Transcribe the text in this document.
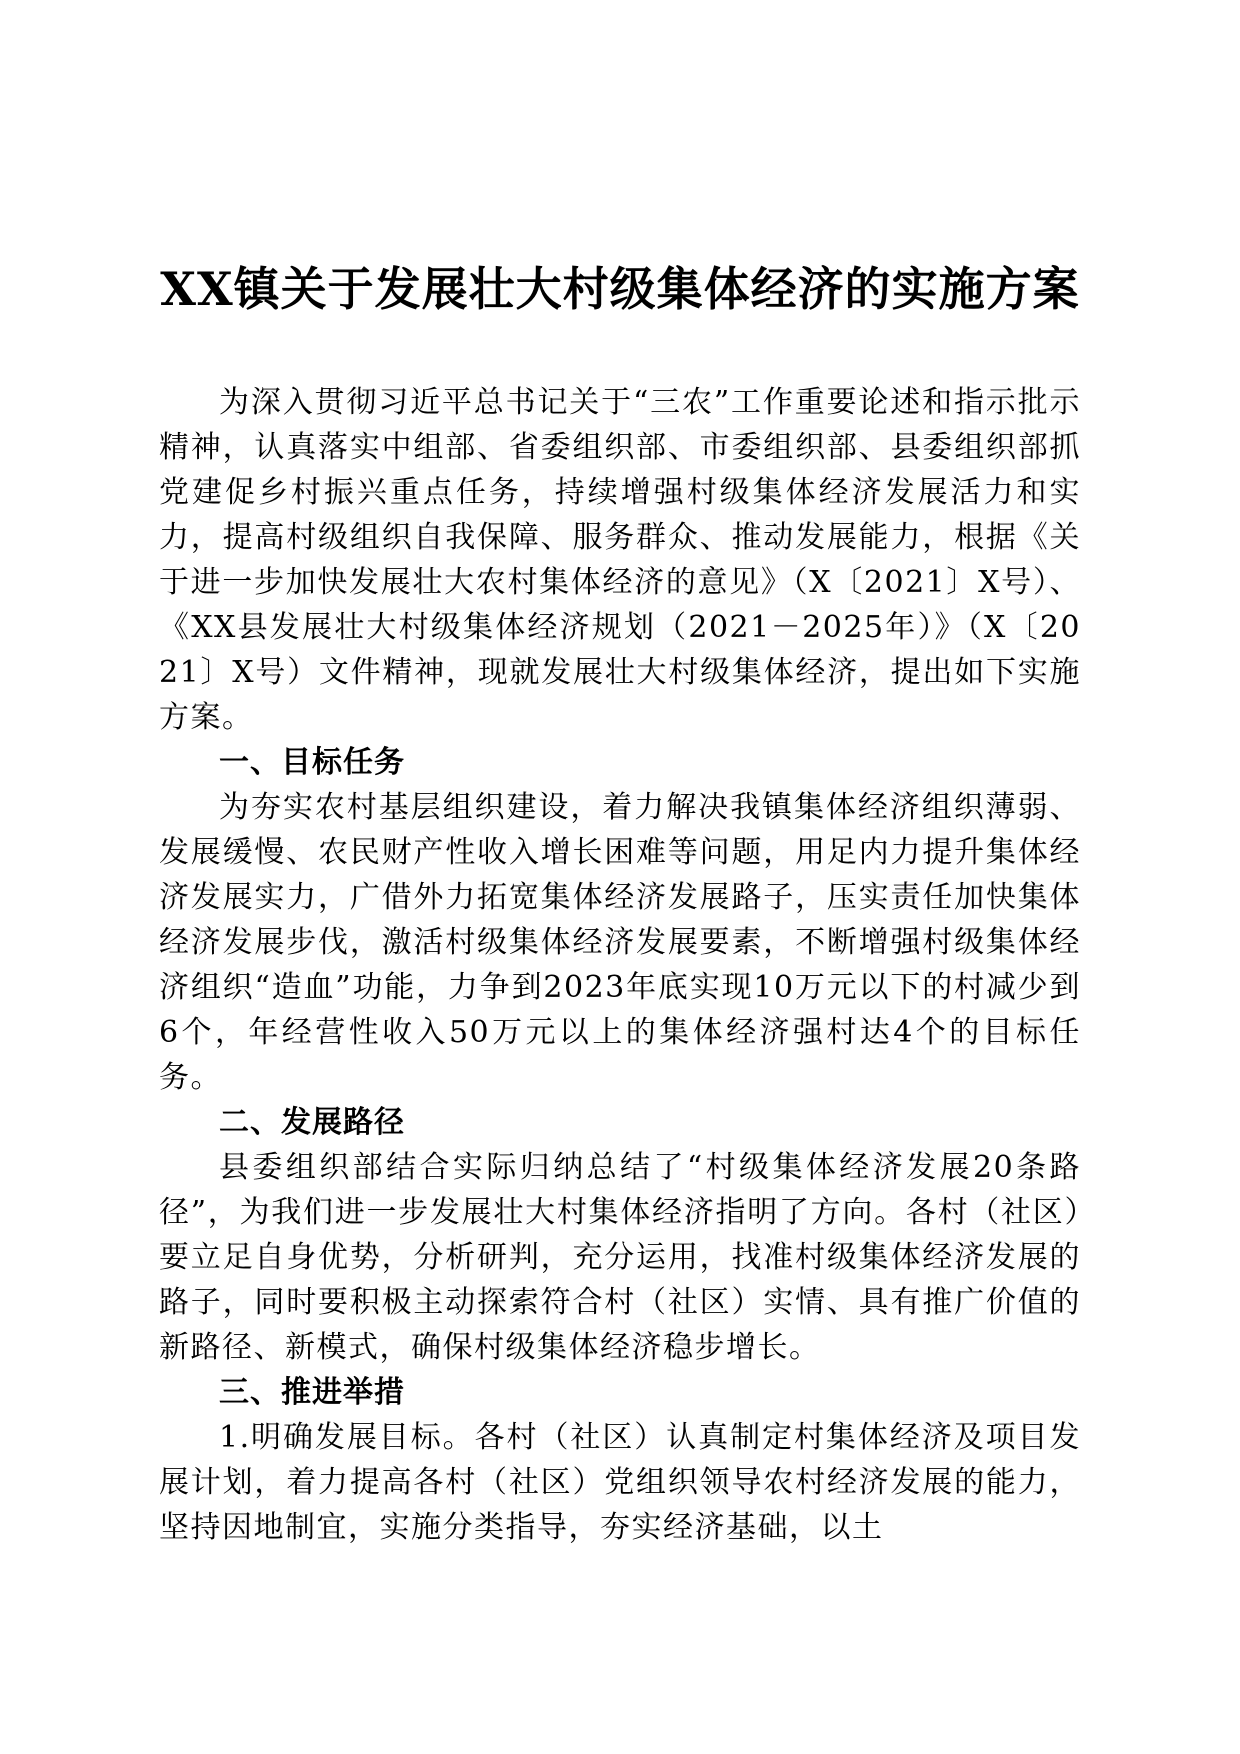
XX镇关于发展壮大村级集体经济的实施方案

为深入贯彻习近平总书记关于“三农”工作重要论述和指示批示精神，认真落实中组部、省委组织部、市委组织部、县委组织部抓党建促乡村振兴重点任务，持续增强村级集体经济发展活力和实力，提高村级组织自我保障、服务群众、推动发展能力，根据《关于进一步加快发展壮大农村集体经济的意见》（X〔2021〕X号）、《XX县发展壮大村级集体经济规划（2021－2025年）》（X〔2021〕X号）文件精神，现就发展壮大村级集体经济，提出如下实施方案。

一、目标任务

为夯实农村基层组织建设，着力解决我镇集体经济组织薄弱、发展缓慢、农民财产性收入增长困难等问题，用足内力提升集体经济发展实力，广借外力拓宽集体经济发展路子，压实责任加快集体经济发展步伐，激活村级集体经济发展要素，不断增强村级集体经济组织“造血”功能，力争到2023年底实现10万元以下的村减少到6个，年经营性收入50万元以上的集体经济强村达4个的目标任务。

二、发展路径

县委组织部结合实际归纳总结了“村级集体经济发展20条路径”，为我们进一步发展壮大村集体经济指明了方向。各村（社区）要立足自身优势，分析研判，充分运用，找准村级集体经济发展的路子，同时要积极主动探索符合村（社区）实情、具有推广价值的新路径、新模式，确保村级集体经济稳步增长。

三、推进举措

1.明确发展目标。各村（社区）认真制定村集体经济及项目发展计划，着力提高各村（社区）党组织领导农村经济发展的能力，坚持因地制宜，实施分类指导，夯实经济基础，以土
